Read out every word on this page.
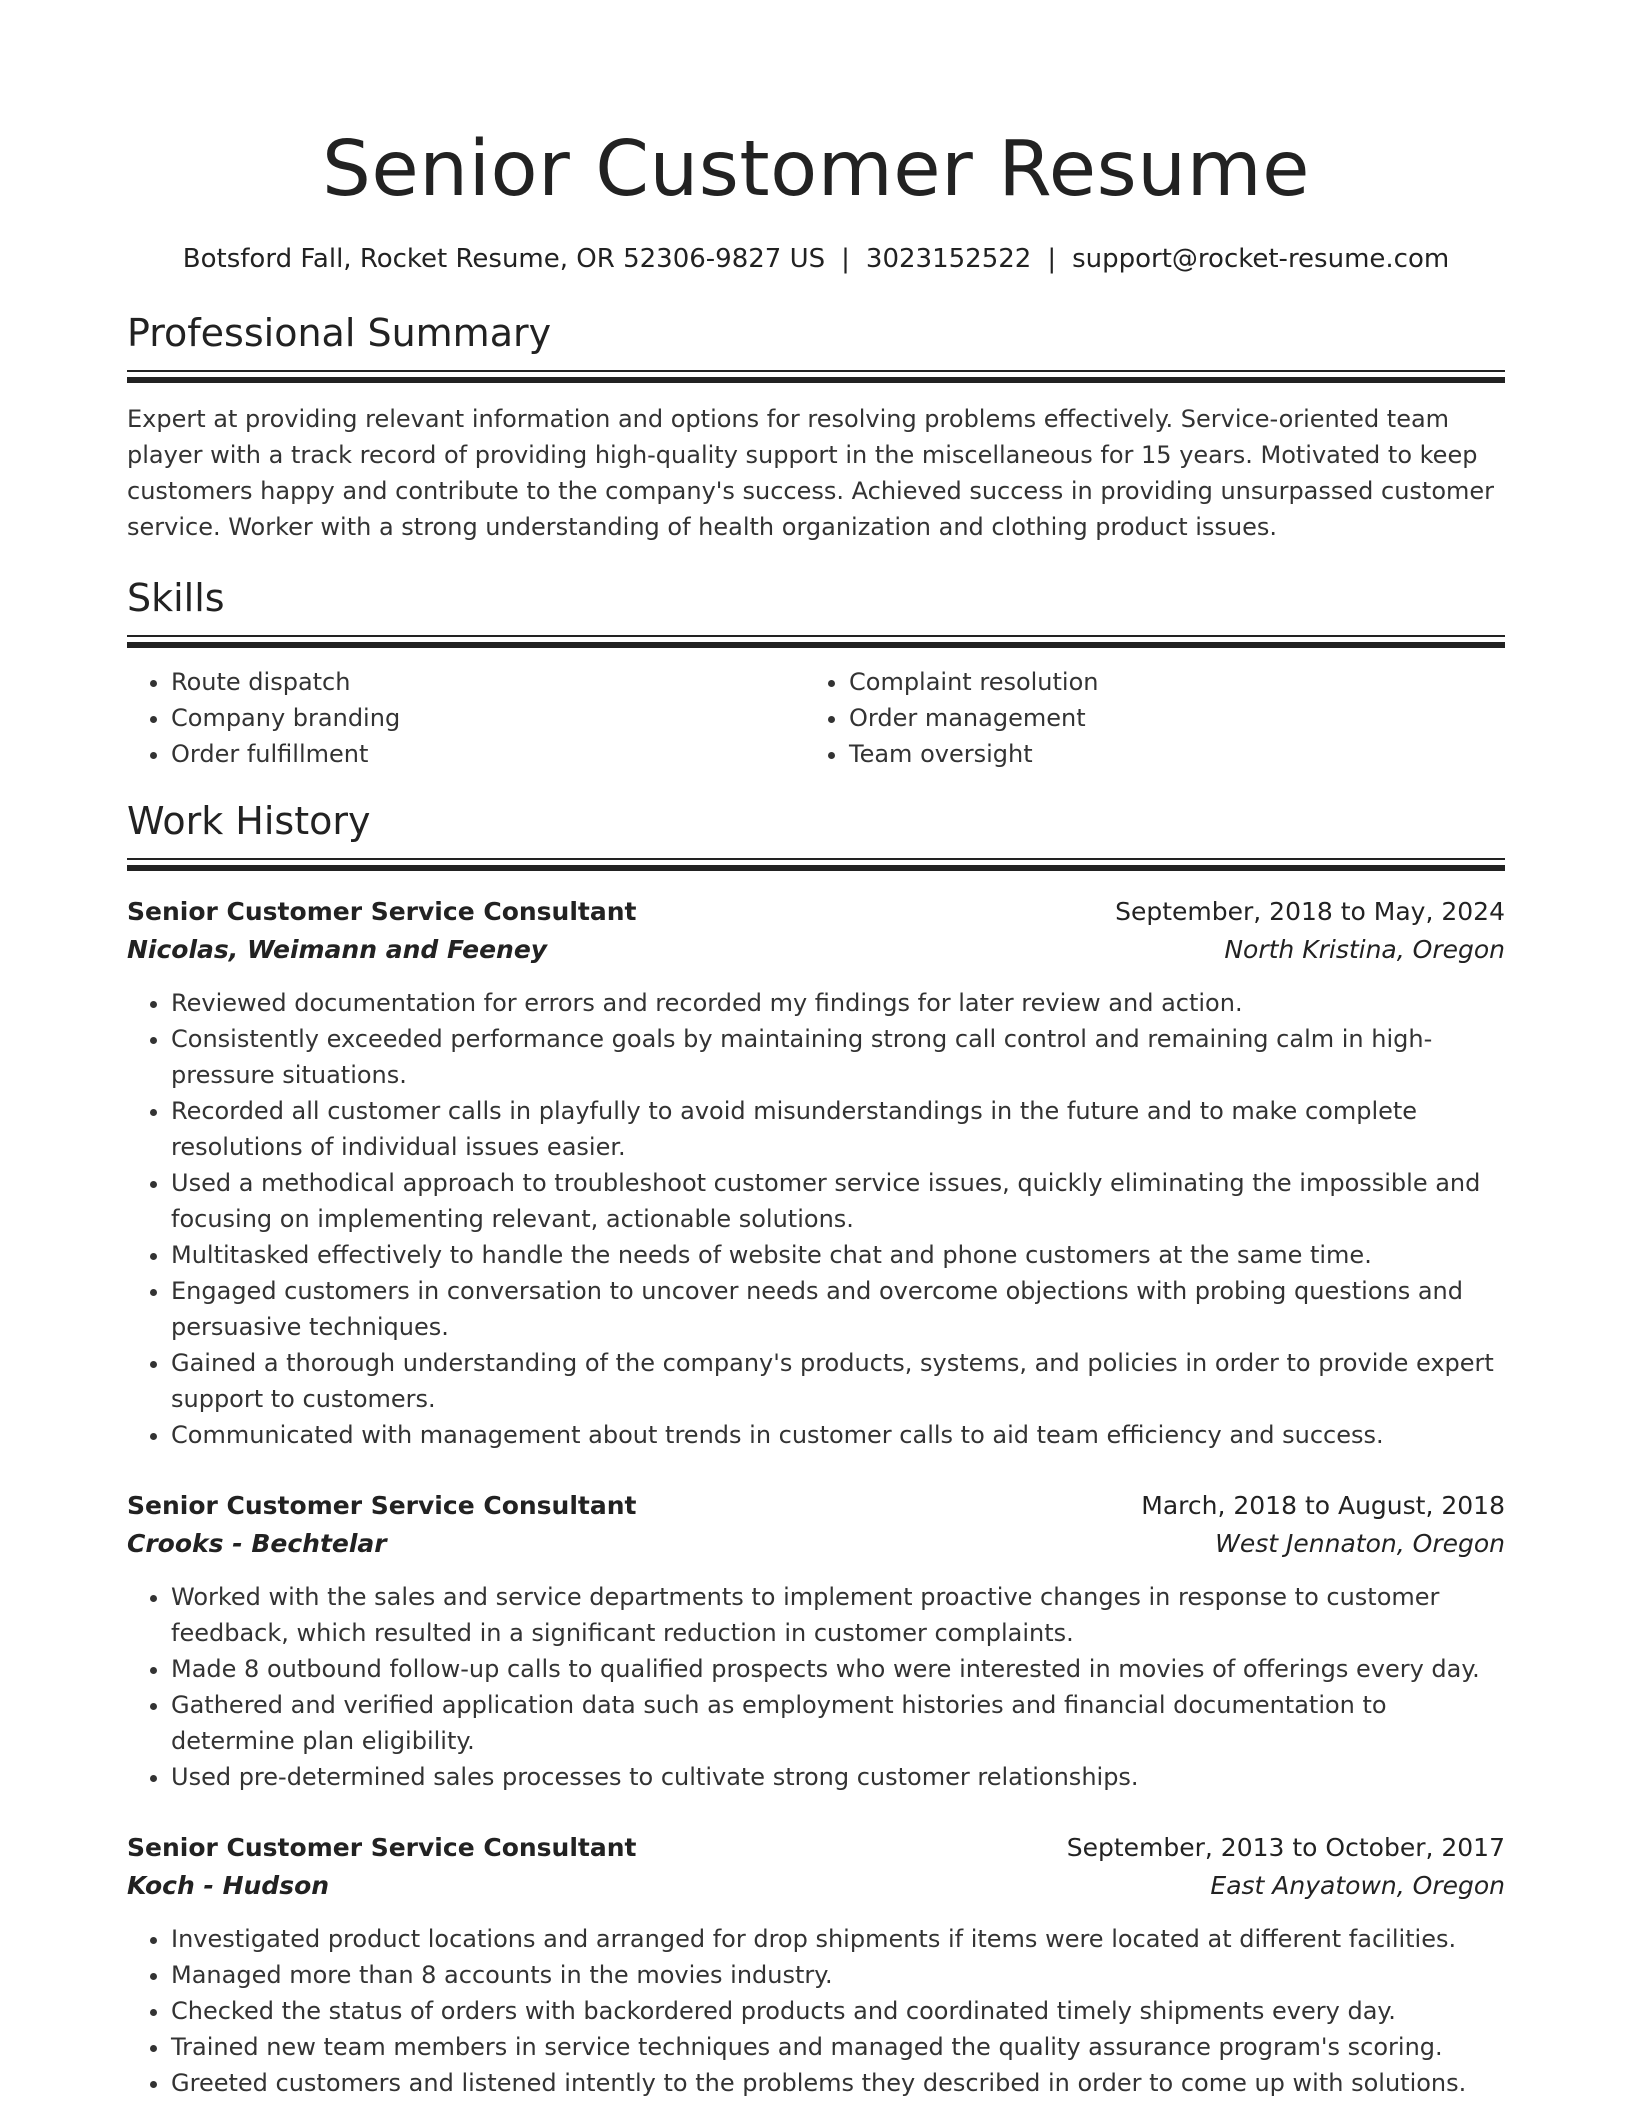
Senior Customer Resume
Botsford Fall, Rocket Resume, OR 52306-9827 US | 3023152522 | support@rocket-resume.com
Professional Summary
Expert at providing relevant information and options for resolving problems effectively. Service-oriented team player with a track record of providing high-quality support in the miscellaneous for 15 years. Motivated to keep customers happy and contribute to the company's success. Achieved success in providing unsurpassed customer service. Worker with a strong understanding of health organization and clothing product issues.
Skills
• Route dispatch
• Company branding
• Order fulfillment
• Complaint resolution
• Order management
• Team oversight
Work History
Senior Customer Service Consultant	September, 2018 to May, 2024
Nicolas, Weimann and Feeney	North Kristina, Oregon
• Reviewed documentation for errors and recorded my findings for later review and action.
• Consistently exceeded performance goals by maintaining strong call control and remaining calm in high-pressure situations.
• Recorded all customer calls in playfully to avoid misunderstandings in the future and to make complete resolutions of individual issues easier.
• Used a methodical approach to troubleshoot customer service issues, quickly eliminating the impossible and focusing on implementing relevant, actionable solutions.
• Multitasked effectively to handle the needs of website chat and phone customers at the same time.
• Engaged customers in conversation to uncover needs and overcome objections with probing questions and persuasive techniques.
• Gained a thorough understanding of the company's products, systems, and policies in order to provide expert support to customers.
• Communicated with management about trends in customer calls to aid team efficiency and success.
Senior Customer Service Consultant	March, 2018 to August, 2018
Crooks - Bechtelar	West Jennaton, Oregon
• Worked with the sales and service departments to implement proactive changes in response to customer feedback, which resulted in a significant reduction in customer complaints.
• Made 8 outbound follow-up calls to qualified prospects who were interested in movies of offerings every day.
• Gathered and verified application data such as employment histories and financial documentation to determine plan eligibility.
• Used pre-determined sales processes to cultivate strong customer relationships.
Senior Customer Service Consultant	September, 2013 to October, 2017
Koch - Hudson	East Anyatown, Oregon
• Investigated product locations and arranged for drop shipments if items were located at different facilities.
• Managed more than 8 accounts in the movies industry.
• Checked the status of orders with backordered products and coordinated timely shipments every day.
• Trained new team members in service techniques and managed the quality assurance program's scoring.
• Greeted customers and listened intently to the problems they described in order to come up with solutions.
